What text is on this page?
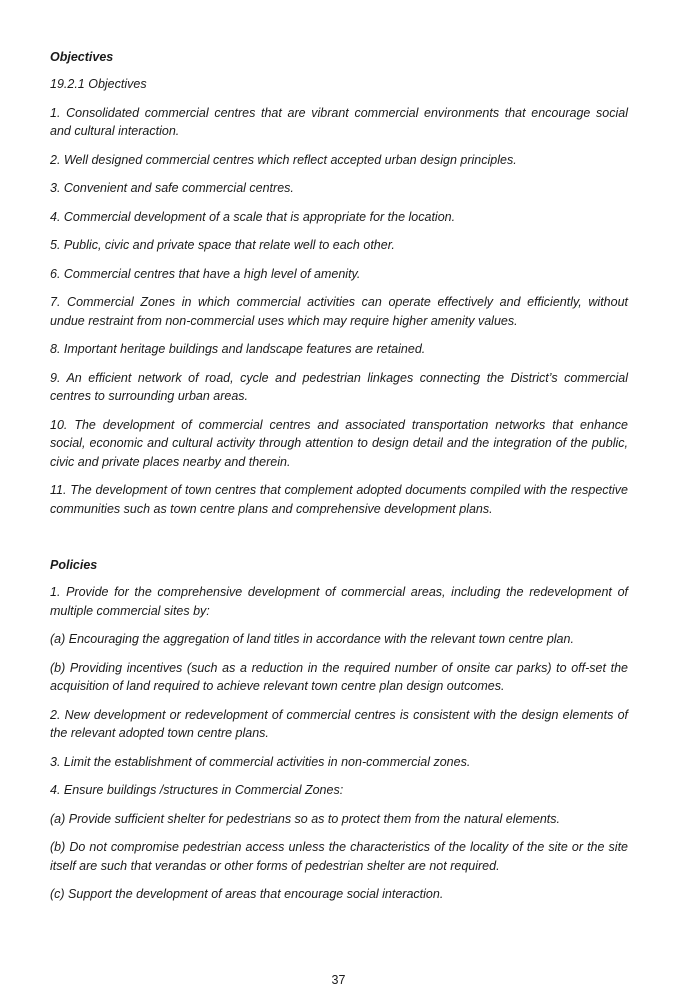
Objectives
19.2.1 Objectives
1. Consolidated commercial centres that are vibrant commercial environments that encourage social and cultural interaction.
2. Well designed commercial centres which reflect accepted urban design principles.
3. Convenient and safe commercial centres.
4. Commercial development of a scale that is appropriate for the location.
5. Public, civic and private space that relate well to each other.
6. Commercial centres that have a high level of amenity.
7. Commercial Zones in which commercial activities can operate effectively and efficiently, without undue restraint from non-commercial uses which may require higher amenity values.
8. Important heritage buildings and landscape features are retained.
9. An efficient network of road, cycle and pedestrian linkages connecting the District’s commercial centres to surrounding urban areas.
10. The development of commercial centres and associated transportation networks that enhance social, economic and cultural activity through attention to design detail and the integration of the public, civic and private places nearby and therein.
11. The development of town centres that complement adopted documents compiled with the respective communities such as town centre plans and comprehensive development plans.
Policies
1. Provide for the comprehensive development of commercial areas, including the redevelopment of multiple commercial sites by:
(a) Encouraging the aggregation of land titles in accordance with the relevant town centre plan.
(b) Providing incentives (such as a reduction in the required number of onsite car parks) to off-set the acquisition of land required to achieve relevant town centre plan design outcomes.
2. New development or redevelopment of commercial centres is consistent with the design elements of the relevant adopted town centre plans.
3. Limit the establishment of commercial activities in non-commercial zones.
4. Ensure buildings /structures in Commercial Zones:
(a) Provide sufficient shelter for pedestrians so as to protect them from the natural elements.
(b) Do not compromise pedestrian access unless the characteristics of the locality of the site or the site itself are such that verandas or other forms of pedestrian shelter are not required.
(c) Support the development of areas that encourage social interaction.
37
